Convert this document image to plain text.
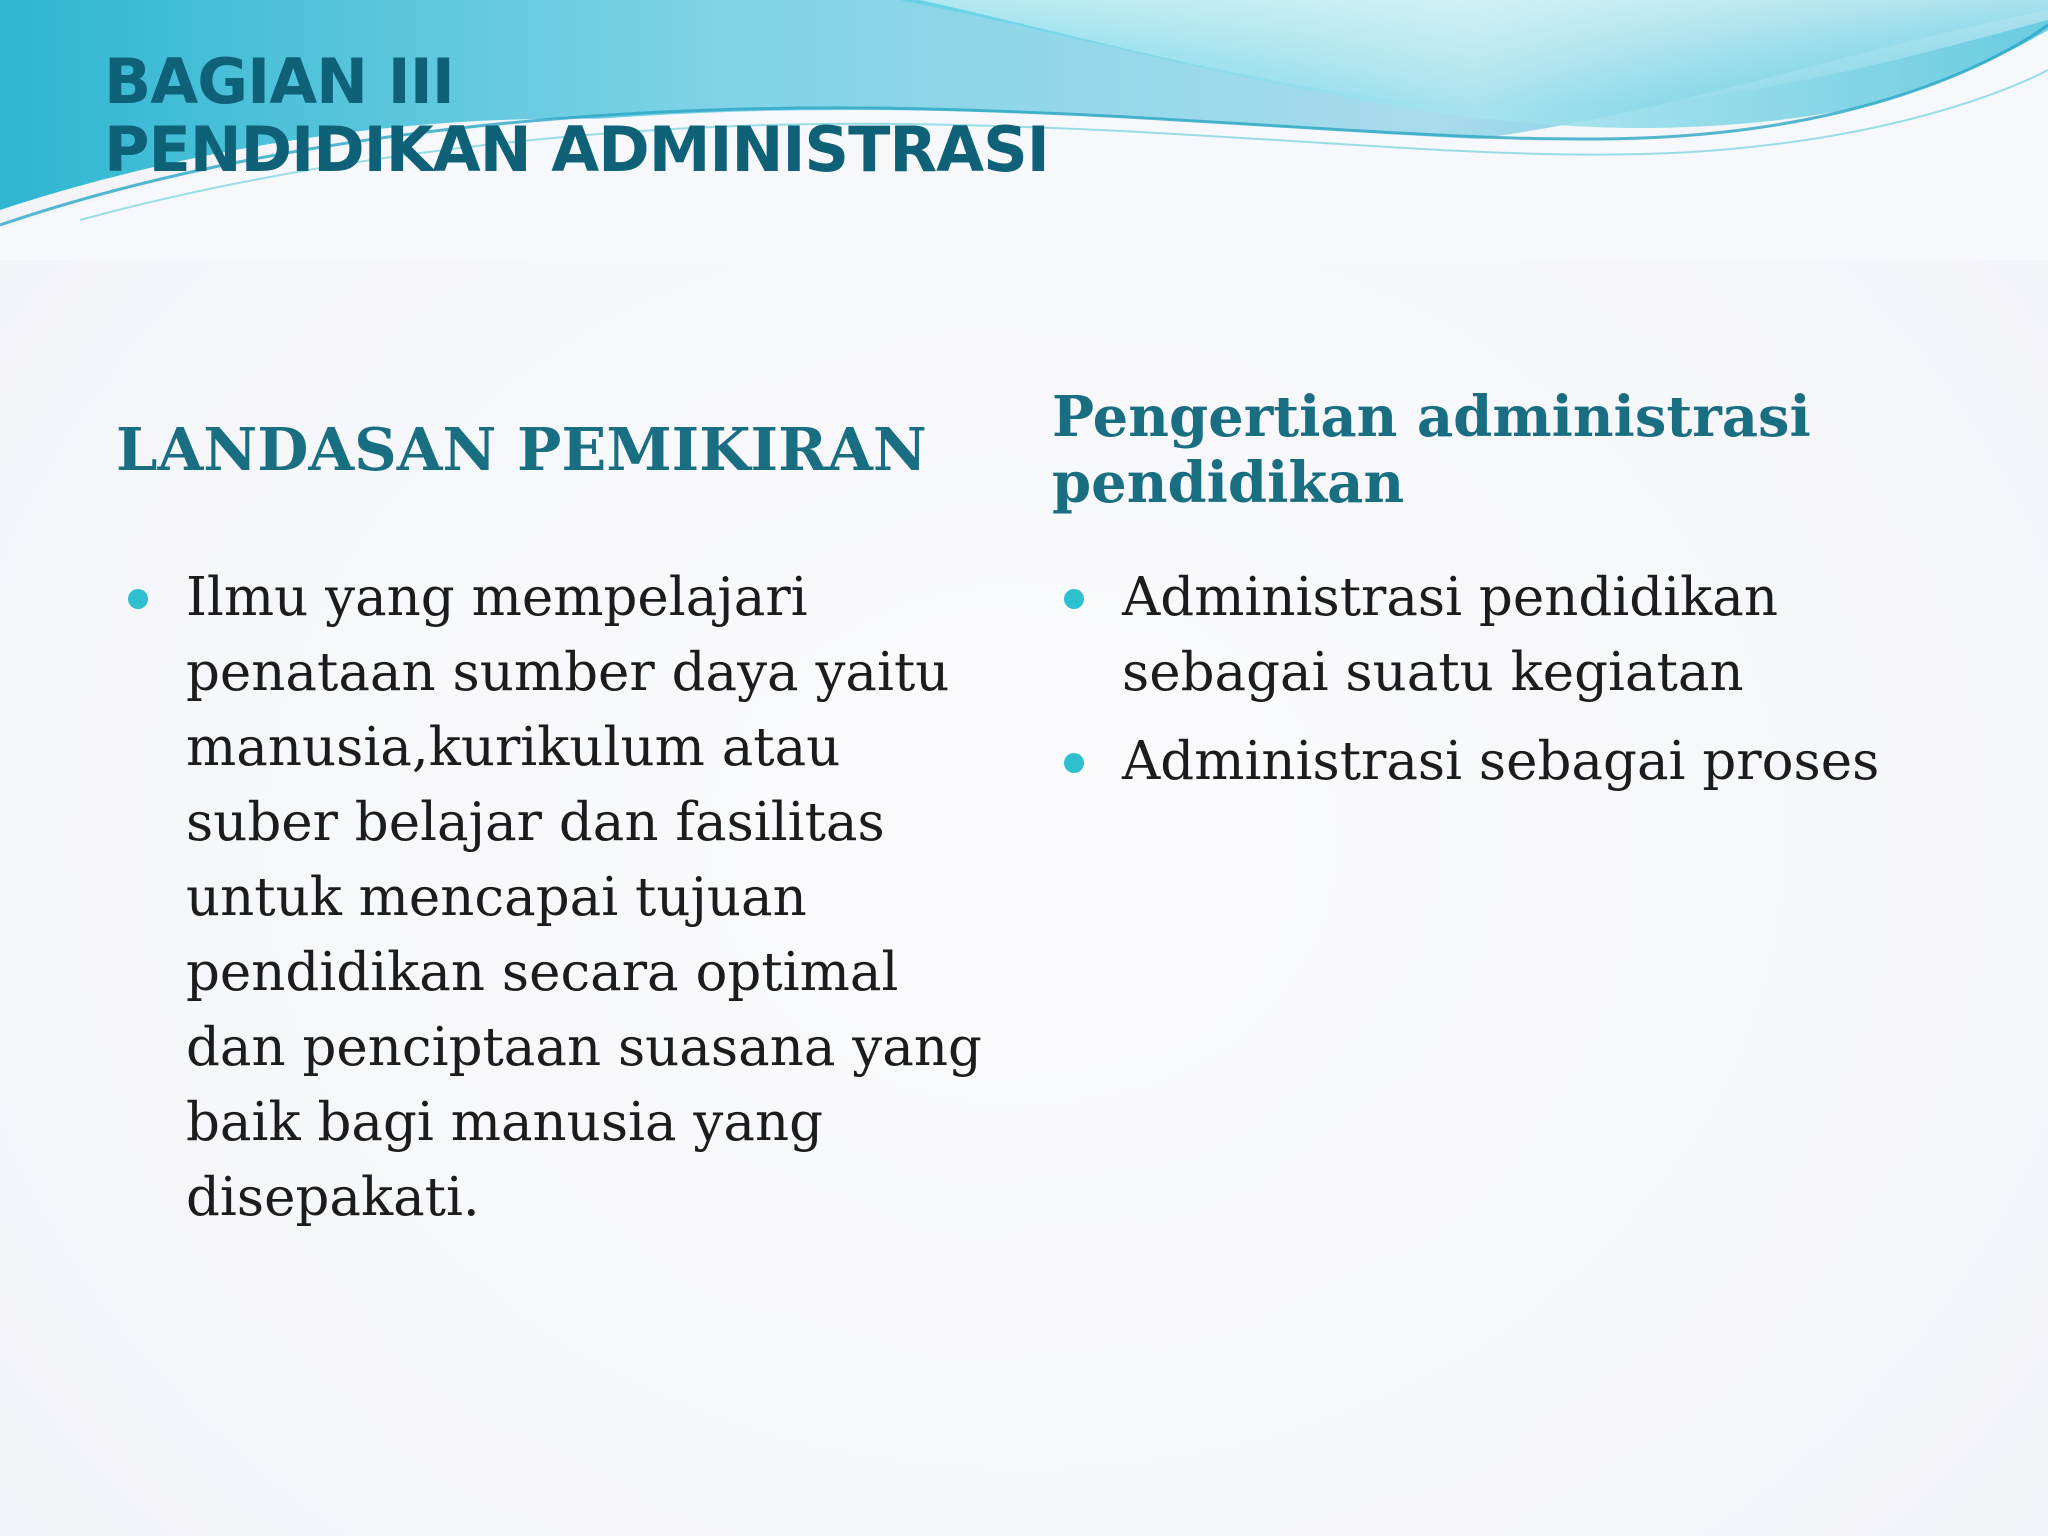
BAGIAN III
PENDIDIKAN ADMINISTRASI
LANDASAN PEMIKIRAN
Ilmu yang mempelajari penataan sumber daya yaitu manusia,kurikulum atau suber belajar dan fasilitas untuk mencapai tujuan pendidikan secara optimal dan penciptaan suasana yang baik bagi manusia yang disepakati.
Pengertian administrasi pendidikan
Administrasi pendidikan sebagai suatu kegiatan
Administrasi sebagai proses
